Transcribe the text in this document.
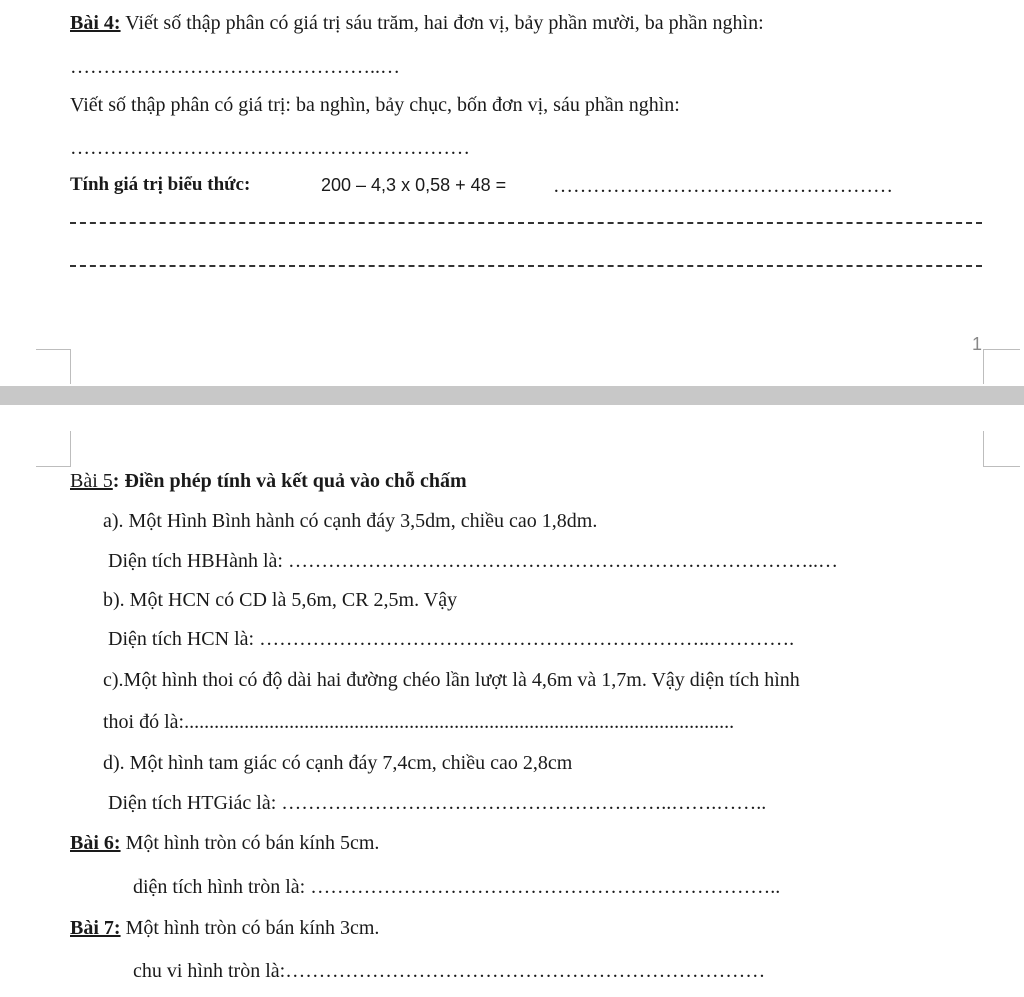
Bài 4: Viết số thập phân có giá trị sáu trăm, hai đơn vị, bảy phần mười, ba phần nghìn:
………………………………………..…
Viết số thập phân có giá trị: ba nghìn, bảy chục, bốn đơn vị, sáu phần nghìn:
……………………………………………………
Tính giá trị biểu thức:	200 – 4,3 x 0,58 + 48 = ……………………………………………
1
Bài 5: Điền phép tính và kết quả vào chỗ chấm
a). Một Hình Bình hành có cạnh đáy 3,5dm, chiều cao 1,8dm.
Diện tích HBHành là: ……………………………………………………………………..…
b). Một HCN có CD là 5,6m, CR 2,5m. Vậy
Diện tích HCN là: …………………………………………………………..………….
c).Một hình thoi có độ dài hai đường chéo lần lượt là 4,6m và 1,7m. Vậy diện tích hình
thoi đó là:..............................................................................................................
d). Một hình tam giác có cạnh đáy 7,4cm, chiều cao 2,8cm
Diện tích HTGiác là: …………………………………………………..…….……..
Bài 6: Một hình tròn có bán kính 5cm.
diện tích hình tròn là: ……………………………………………………………..
Bài 7: Một hình tròn có bán kính 3cm.
chu vi hình tròn là:………………………………………………………………
